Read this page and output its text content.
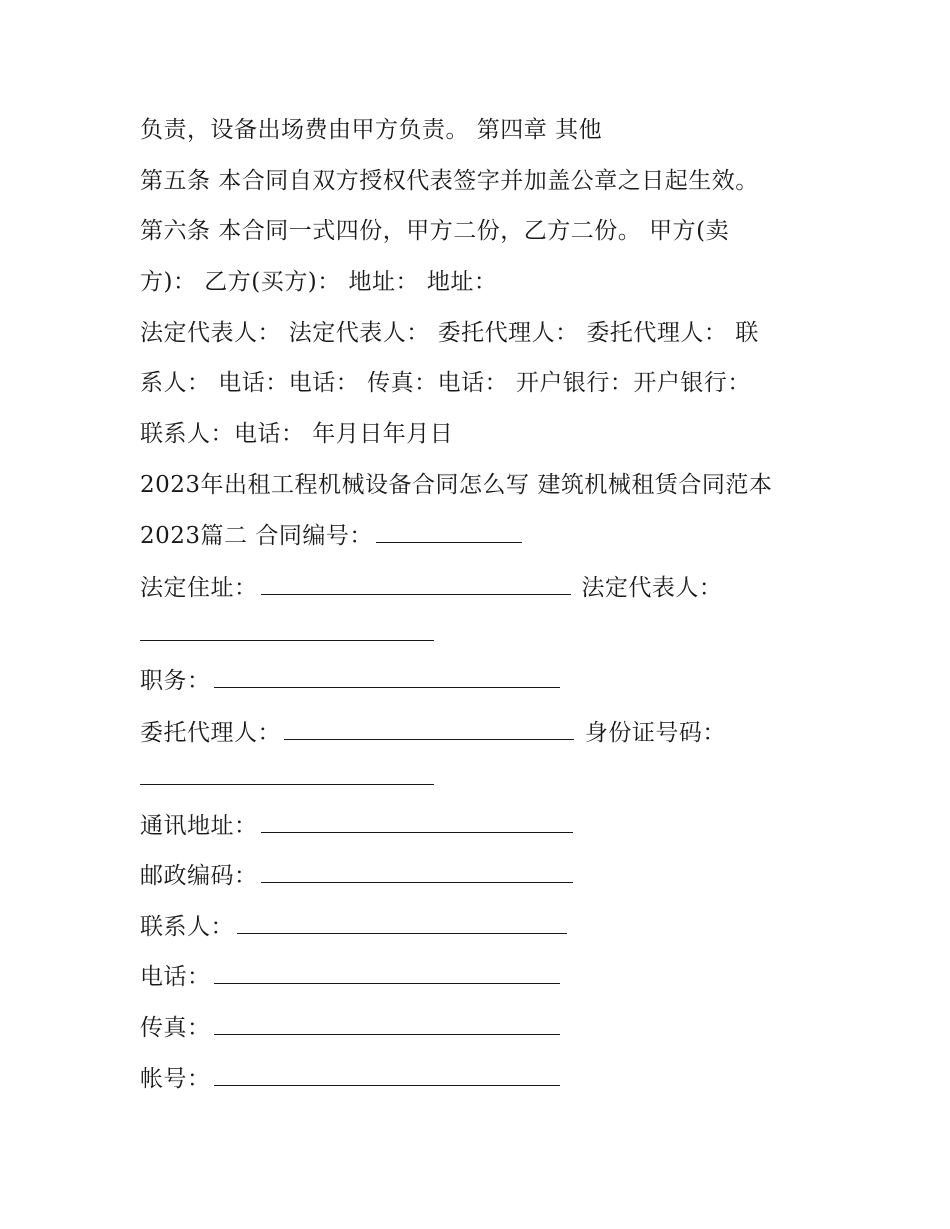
负责，设备出场费由甲方负责。 第四章 其他
第五条 本合同自双方授权代表签字并加盖公章之日起生效。
第六条 本合同一式四份，甲方二份，乙方二份。 甲方(卖
方)： 乙方(买方)： 地址： 地址：
法定代表人： 法定代表人： 委托代理人： 委托代理人： 联
系人： 电话：电话： 传真：电话： 开户银行：开户银行：
联系人：电话： 年月日年月日
2023年出租工程机械设备合同怎么写 建筑机械租赁合同范本
2023篇二 合同编号：
法定住址：	法定代表人：
职务：
委托代理人：	身份证号码：
通讯地址：
邮政编码：
联系人：
电话：
传真：
帐号：
